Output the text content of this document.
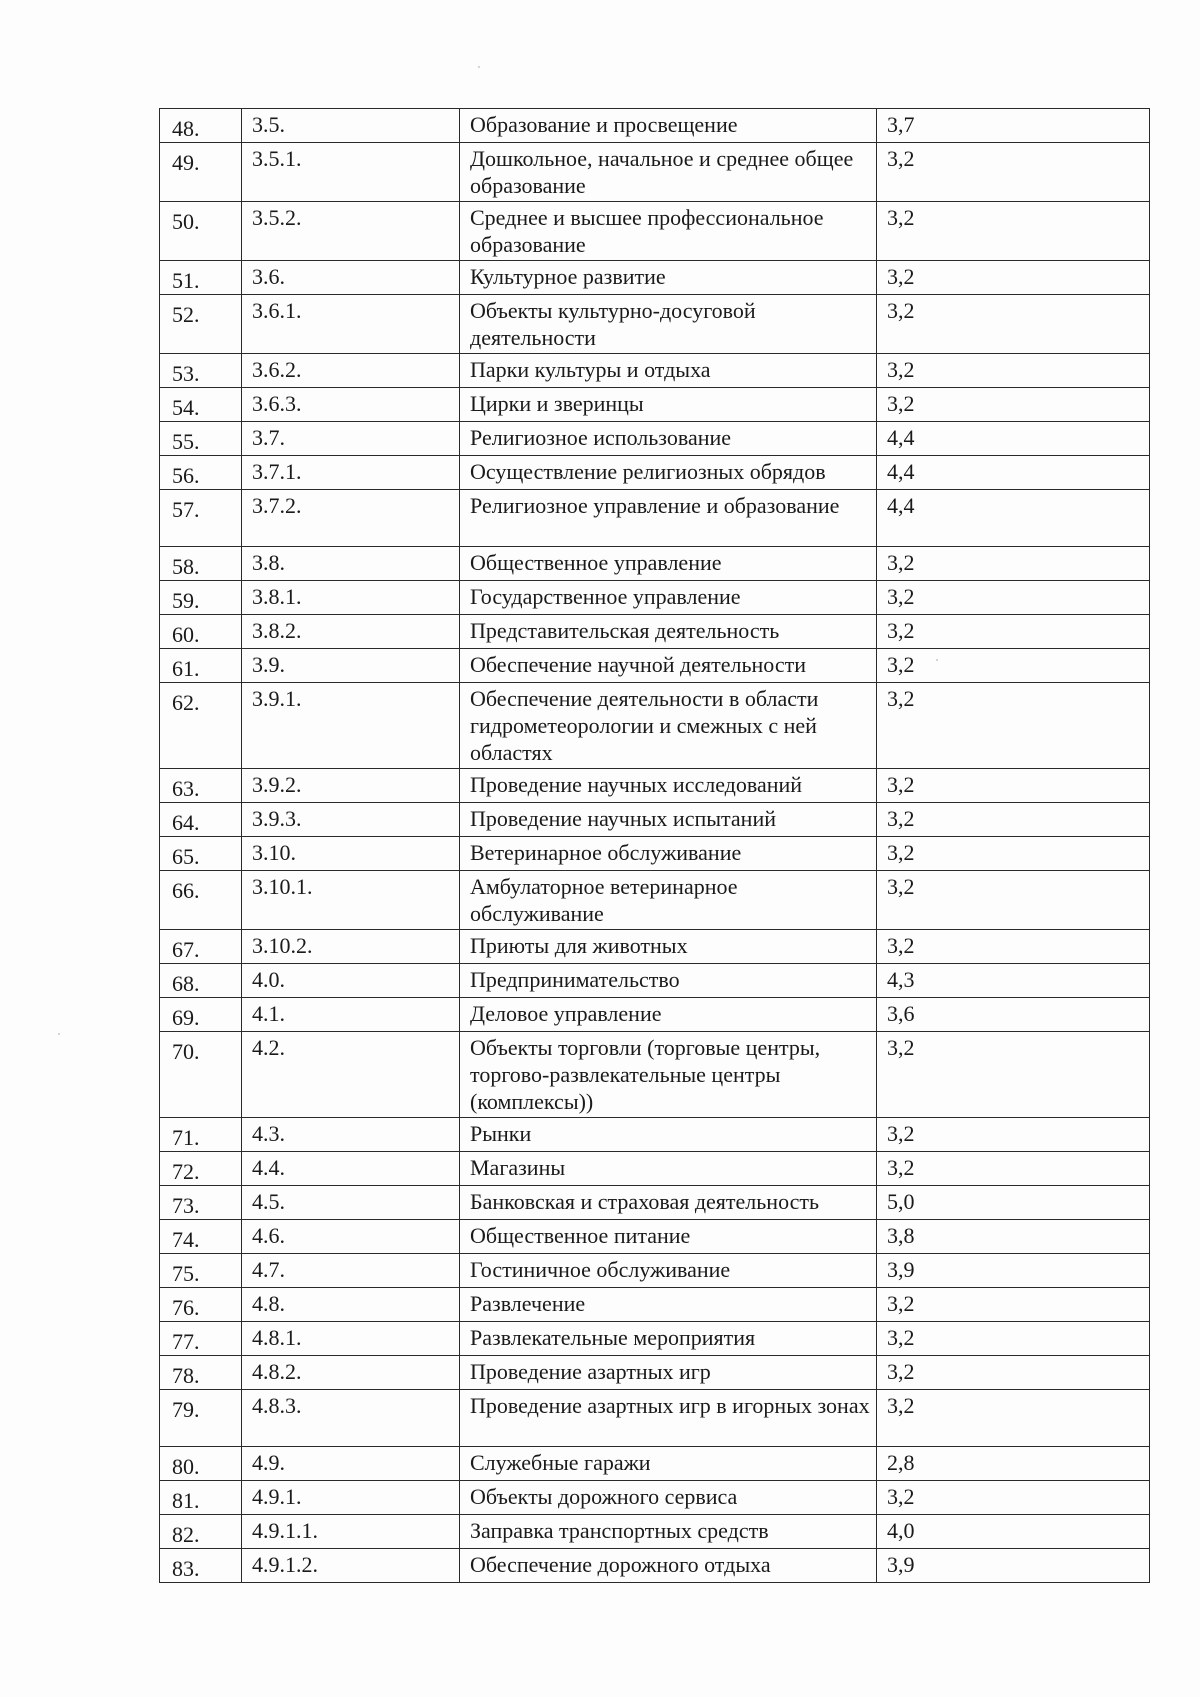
48.	3.5.	Образование и просвещение	3,7
49.	3.5.1.	Дошкольное, начальное и среднее общее образование	3,2
50.	3.5.2.	Среднее и высшее профессиональное образование	3,2
51.	3.6.	Культурное развитие	3,2
52.	3.6.1.	Объекты культурно-досуговой деятельности	3,2
53.	3.6.2.	Парки культуры и отдыха	3,2
54.	3.6.3.	Цирки и зверинцы	3,2
55.	3.7.	Религиозное использование	4,4
56.	3.7.1.	Осуществление религиозных обрядов	4,4
57.	3.7.2.	Религиозное управление и образование	4,4
58.	3.8.	Общественное управление	3,2
59.	3.8.1.	Государственное управление	3,2
60.	3.8.2.	Представительская деятельность	3,2
61.	3.9.	Обеспечение научной деятельности	3,2
62.	3.9.1.	Обеспечение деятельности в области гидрометеорологии и смежных с ней областях	3,2
63.	3.9.2.	Проведение научных исследований	3,2
64.	3.9.3.	Проведение научных испытаний	3,2
65.	3.10.	Ветеринарное обслуживание	3,2
66.	3.10.1.	Амбулаторное ветеринарное обслуживание	3,2
67.	3.10.2.	Приюты для животных	3,2
68.	4.0.	Предпринимательство	4,3
69.	4.1.	Деловое управление	3,6
70.	4.2.	Объекты торговли (торговые центры, торгово-развлекательные центры (комплексы))	3,2
71.	4.3.	Рынки	3,2
72.	4.4.	Магазины	3,2
73.	4.5.	Банковская и страховая деятельность	5,0
74.	4.6.	Общественное питание	3,8
75.	4.7.	Гостиничное обслуживание	3,9
76.	4.8.	Развлечение	3,2
77.	4.8.1.	Развлекательные мероприятия	3,2
78.	4.8.2.	Проведение азартных игр	3,2
79.	4.8.3.	Проведение азартных игр в игорных зонах	3,2
80.	4.9.	Служебные гаражи	2,8
81.	4.9.1.	Объекты дорожного сервиса	3,2
82.	4.9.1.1.	Заправка транспортных средств	4,0
83.	4.9.1.2.	Обеспечение дорожного отдыха	3,9
